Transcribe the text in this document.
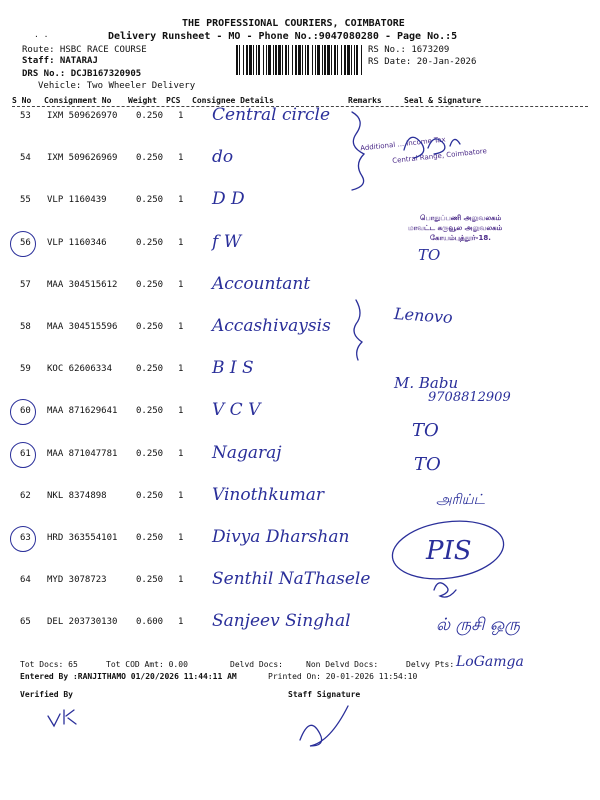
THE PROFESSIONAL COURIERS, COIMBATORE
. .	Delivery Runsheet - MO - Phone No.:9047080280 - Page No.:5
Route: HSBC RACE COURSE
Staff: NATARAJ
DRS No.: DCJB167320905
Vehicle: Two Wheeler Delivery
RS No.: 1673209
RS Date: 20-Jan-2026
S No Consignment No Weight PCS Consignee Details	Remarks	Seal & Signature
53 IXM 509626970 0.250 1 Central circle
54 IXM 509626969 0.250 1 do
55 VLP 1160439	0.250 1 D D
56 VLP 1160346	0.250 1 f W
57 MAA 304515612 0.250 1 Accountant
58 MAA 304515596 0.250 1 Accashivaysis
59 KOC 62606334	0.250 1 B I S
60 MAA 871629641 0.250 1 V C V
61 MAA 871047781 0.250 1 Nagaraj
62 NKL 8374898	0.250 1 Vinothkumar
63 HRD 363554101 0.250 1 Divya Dharshan
64 MYD 3078723	0.250 1 Senthil NaThasele
65 DEL 203730130 0.600 1 Sanjeev Singhal
Lenovo
M. Babu
9708812909
TO
TO
அரிய்ட்
PIS
ல் ருசி ஒரு
Additional ... Income Tax
Central Range, Coimbatore
பொதுப்பணி அலுவலகம்
மாவட்ட கருவூல அலுவலகம்
கோயம்புத்தூர்-18.
TO
Tot Docs: 65	Tot COD Amt: 0.00	Delvd Docs:	Non Delvd Docs:	Delvy Pts: LoGamga
Entered By :RANJITHAMO 01/20/2026 11:44:11 AM	Printed On: 20-01-2026 11:54:10
Verified By	Staff Signature
